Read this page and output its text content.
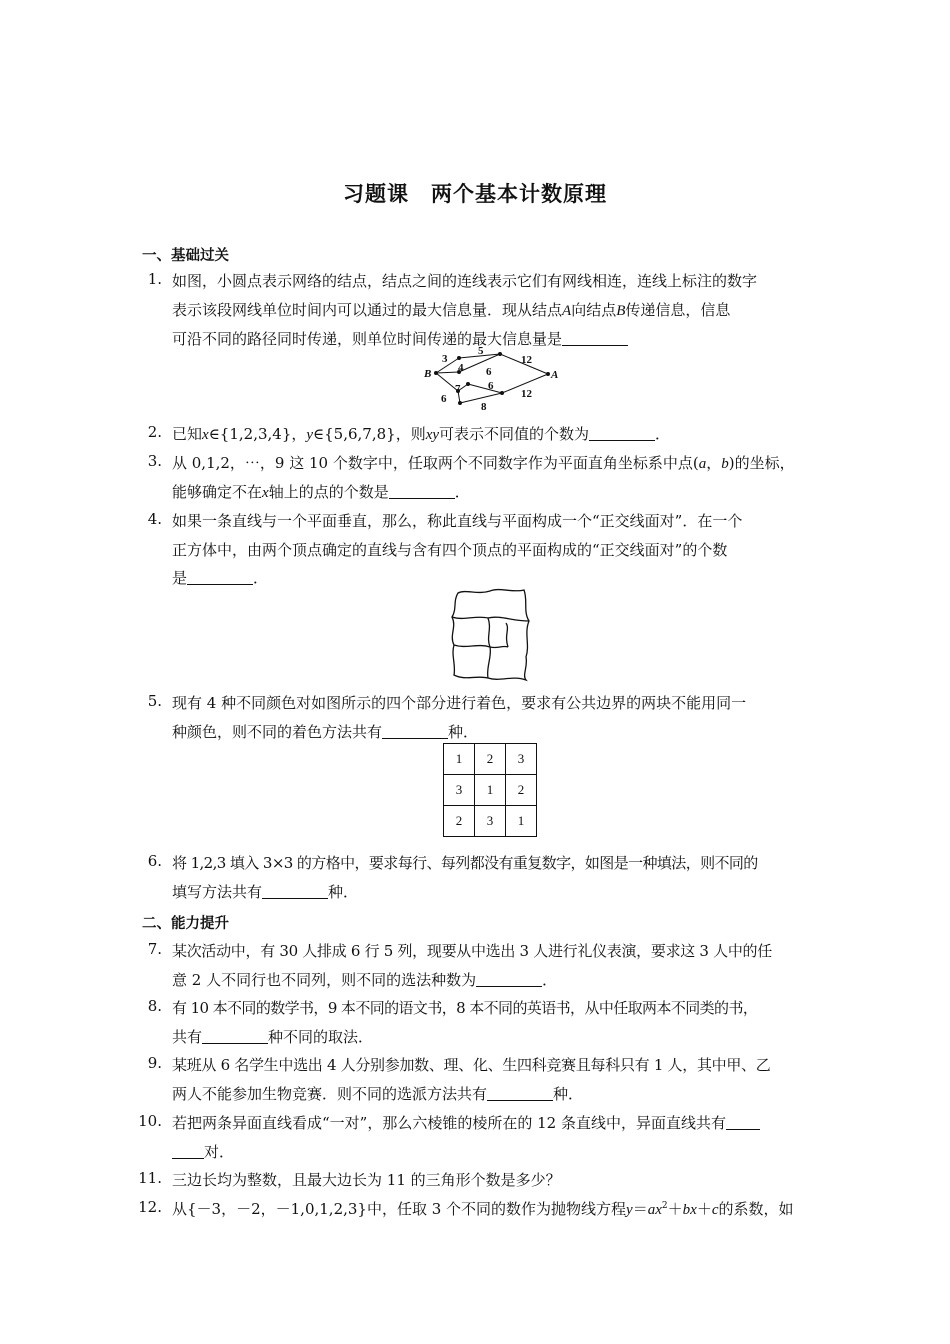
习题课　两个基本计数原理
一、基础过关
1. 如图，小圆点表示网络的结点，结点之间的连线表示它们有网线相连，连线上标注的数字
表示该段网线单位时间内可以通过的最大信息量．现从结点A向结点B传递信息，信息
可沿不同的路径同时传递，则单位时间传递的最大信息量是
B	A
3
5
12
4 6
7
6
6
8
12
2. 已知x∈{1,2,3,4}，y∈{5,6,7,8}，则xy可表示不同值的个数为	．
3. 从 0,1,2，⋯，9 这 10 个数字中，任取两个不同数字作为平面直角坐标系中点(a，b)的坐标，
能够确定不在x轴上的点的个数是	．
4. 如果一条直线与一个平面垂直，那么，称此直线与平面构成一个“正交线面对”．在一个
正方体中，由两个顶点确定的直线与含有四个顶点的平面构成的“正交线面对”的个数
是	．
5. 现有 4 种不同颜色对如图所示的四个部分进行着色，要求有公共边界的两块不能用同一
种颜色，则不同的着色方法共有	种．
1	2	3
3	1	2
2	3	1
6. 将 1,2,3 填入 3×3 的方格中，要求每行、每列都没有重复数字，如图是一种填法，则不同的
填写方法共有	种．
二、能力提升
7. 某次活动中，有 30 人排成 6 行 5 列，现要从中选出 3 人进行礼仪表演，要求这 3 人中的任
意 2 人不同行也不同列，则不同的选法种数为	．
8. 有 10 本不同的数学书，9 本不同的语文书，8 本不同的英语书，从中任取两本不同类的书，
共有	种不同的取法．
9. 某班从 6 名学生中选出 4 人分别参加数、理、化、生四科竞赛且每科只有 1 人，其中甲、乙
两人不能参加生物竞赛．则不同的选派方法共有	种．
10. 若把两条异面直线看成“一对”，那么六棱锥的棱所在的 12 条直线中，异面直线共有
对．
11. 三边长均为整数，且最大边长为 11 的三角形个数是多少？
12. 从{－3，－2，－1,0,1,2,3}中，任取 3 个不同的数作为抛物线方程$y=ax^2+bx+c$的系数，如
